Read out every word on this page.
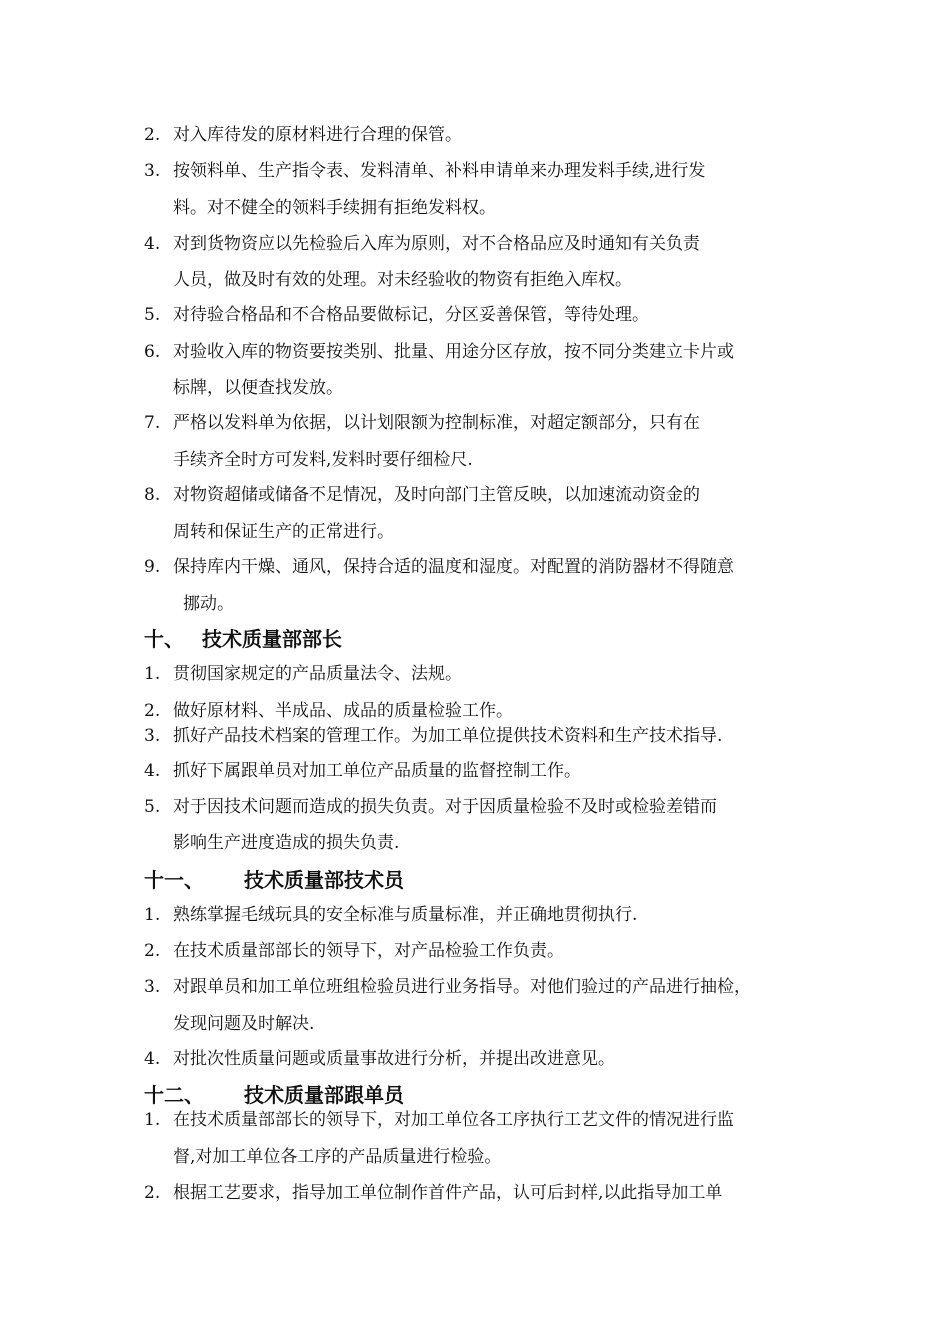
2. 对入库待发的原材料进行合理的保管。
3. 按领料单、生产指令表、发料清单、补料申请单来办理发料手续,进行发
料。对不健全的领料手续拥有拒绝发料权。
4. 对到货物资应以先检验后入库为原则，对不合格品应及时通知有关负责
人员，做及时有效的处理。对未经验收的物资有拒绝入库权。
5. 对待验合格品和不合格品要做标记，分区妥善保管，等待处理。
6. 对验收入库的物资要按类别、批量、用途分区存放，按不同分类建立卡片或
标牌，以便查找发放。
7. 严格以发料单为依据，以计划限额为控制标准，对超定额部分，只有在
手续齐全时方可发料,发料时要仔细检尺.
8. 对物资超储或储备不足情况，及时向部门主管反映，以加速流动资金的
周转和保证生产的正常进行。
9. 保持库内干燥、通风，保持合适的温度和湿度。对配置的消防器材不得随意
挪动。
十、 技术质量部部长
1. 贯彻国家规定的产品质量法令、法规。
2. 做好原材料、半成品、成品的质量检验工作。
3. 抓好产品技术档案的管理工作。为加工单位提供技术资料和生产技术指导.
4. 抓好下属跟单员对加工单位产品质量的监督控制工作。
5. 对于因技术问题而造成的损失负责。对于因质量检验不及时或检验差错而
影响生产进度造成的损失负责.
十一、 技术质量部技术员
1. 熟练掌握毛绒玩具的安全标准与质量标准，并正确地贯彻执行.
2. 在技术质量部部长的领导下，对产品检验工作负责。
3. 对跟单员和加工单位班组检验员进行业务指导。对他们验过的产品进行抽检，
发现问题及时解决.
4. 对批次性质量问题或质量事故进行分析，并提出改进意见。
十二、 技术质量部跟单员
1. 在技术质量部部长的领导下，对加工单位各工序执行工艺文件的情况进行监
督,对加工单位各工序的产品质量进行检验。
2. 根据工艺要求，指导加工单位制作首件产品，认可后封样,以此指导加工单
